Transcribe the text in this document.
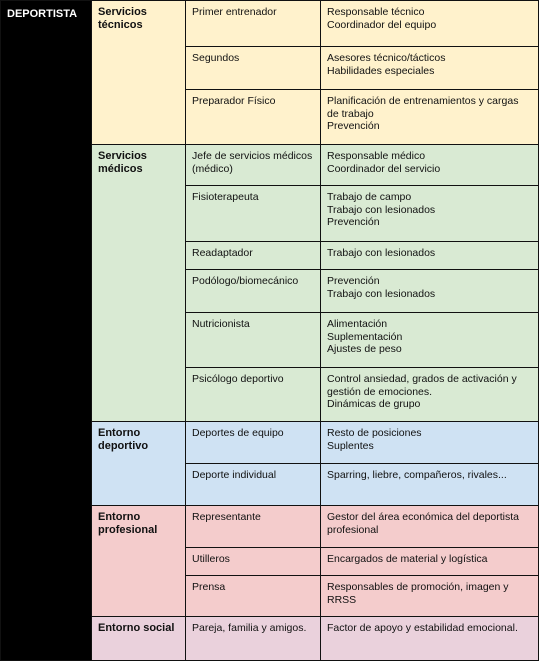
DEPORTISTA	Servicios técnicos	Primer entrenador	Responsable técnico
Coordinador del equipo

		Segundos	Asesores técnico/tácticos
Habilidades especiales

		Preparador Físico	Planificación de entrenamientos y cargas de trabajo
Prevención

	Servicios médicos	Jefe de servicios médicos (médico)	Responsable médico
Coordinador del servicio

		Fisioterapeuta	Trabajo de campo
Trabajo con lesionados
Prevención

		Readaptador	Trabajo con lesionados

		Podólogo/biomecánico	Prevención
Trabajo con lesionados

		Nutricionista	Alimentación
Suplementación
Ajustes de peso

		Psicólogo deportivo	Control ansiedad, grados de activación y gestión de emociones.
Dinámicas de grupo

	Entorno deportivo	Deportes de equipo	Resto de posiciones
Suplentes

		Deporte individual	Sparring, liebre, compañeros, rivales...

	Entorno profesional	Representante	Gestor del área económica del deportista profesional

		Utilleros	Encargados de material y logística

		Prensa	Responsables de promoción, imagen y RRSS

	Entorno social	Pareja, familia y amigos.	Factor de apoyo y estabilidad emocional.
